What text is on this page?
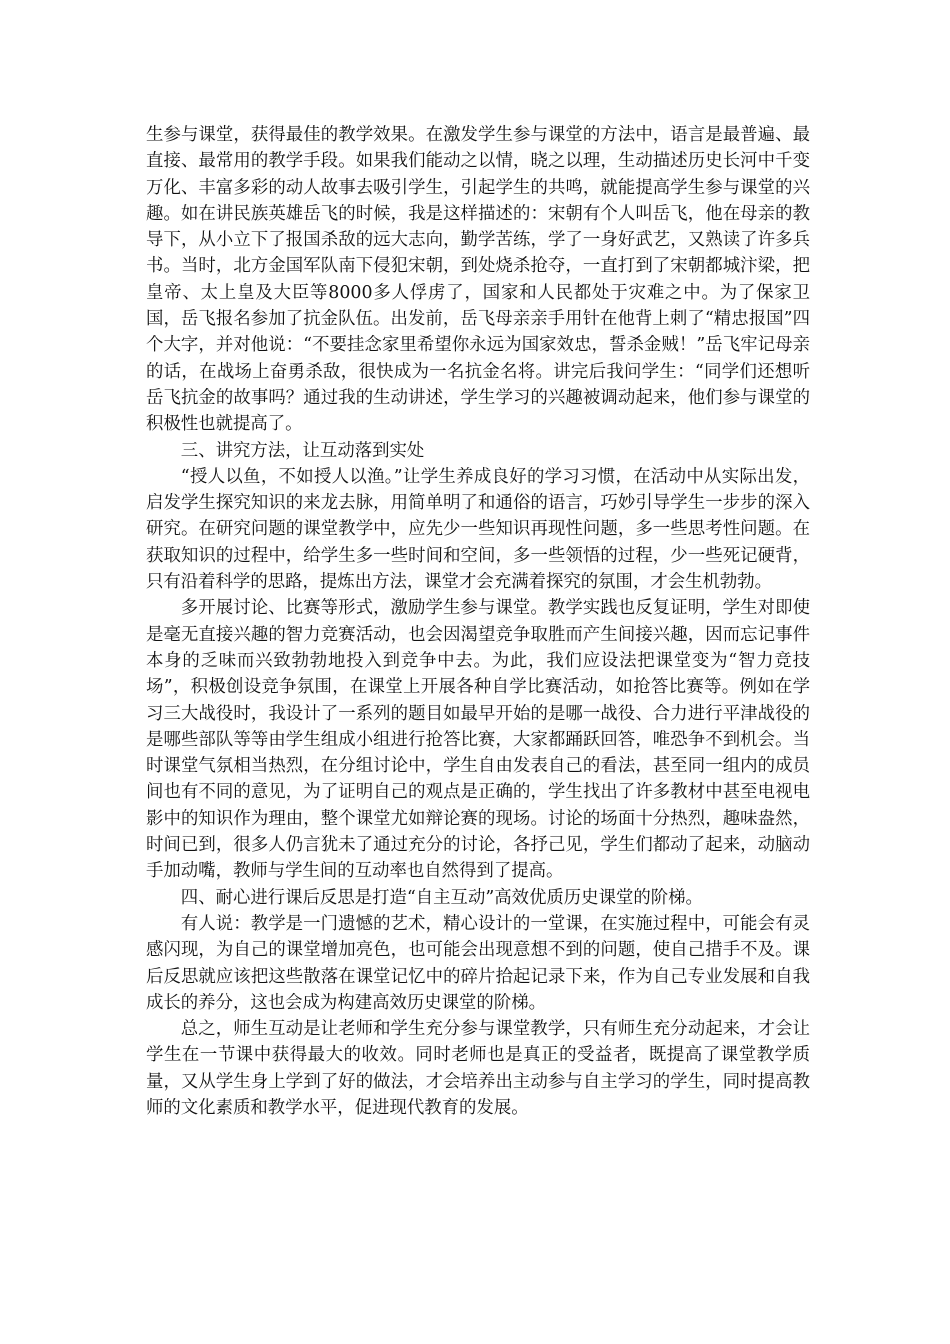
生参与课堂，获得最佳的教学效果。在激发学生参与课堂的方法中，语言是最普遍、最直接、最常用的教学手段。如果我们能动之以情，晓之以理，生动描述历史长河中千变万化、丰富多彩的动人故事去吸引学生，引起学生的共鸣，就能提高学生参与课堂的兴趣。如在讲民族英雄岳飞的时候，我是这样描述的：宋朝有个人叫岳飞，他在母亲的教导下，从小立下了报国杀敌的远大志向，勤学苦练，学了一身好武艺，又熟读了许多兵书。当时，北方金国军队南下侵犯宋朝，到处烧杀抢夺，一直打到了宋朝都城汴梁，把皇帝、太上皇及大臣等8000多人俘虏了，国家和人民都处于灾难之中。为了保家卫国，岳飞报名参加了抗金队伍。出发前，岳飞母亲亲手用针在他背上刺了“精忠报国”四个大字，并对他说：“不要挂念家里希望你永远为国家效忠，誓杀金贼！”岳飞牢记母亲的话，在战场上奋勇杀敌，很快成为一名抗金名将。讲完后我问学生：“同学们还想听岳飞抗金的故事吗？通过我的生动讲述，学生学习的兴趣被调动起来，他们参与课堂的积极性也就提高了。

三、讲究方法，让互动落到实处

“授人以鱼，不如授人以渔。”让学生养成良好的学习习惯，在活动中从实际出发，启发学生探究知识的来龙去脉，用简单明了和通俗的语言，巧妙引导学生一步步的深入研究。在研究问题的课堂教学中，应先少一些知识再现性问题，多一些思考性问题。在获取知识的过程中，给学生多一些时间和空间，多一些领悟的过程，少一些死记硬背，只有沿着科学的思路，提炼出方法，课堂才会充满着探究的氛围，才会生机勃勃。

多开展讨论、比赛等形式，激励学生参与课堂。教学实践也反复证明，学生对即使是毫无直接兴趣的智力竞赛活动，也会因渴望竞争取胜而产生间接兴趣，因而忘记事件本身的乏味而兴致勃勃地投入到竞争中去。为此，我们应设法把课堂变为“智力竞技场”，积极创设竞争氛围，在课堂上开展各种自学比赛活动，如抢答比赛等。例如在学习三大战役时，我设计了一系列的题目如最早开始的是哪一战役、合力进行平津战役的是哪些部队等等由学生组成小组进行抢答比赛，大家都踊跃回答，唯恐争不到机会。当时课堂气氛相当热烈，在分组讨论中，学生自由发表自己的看法，甚至同一组内的成员间也有不同的意见，为了证明自己的观点是正确的，学生找出了许多教材中甚至电视电影中的知识作为理由，整个课堂尤如辩论赛的现场。讨论的场面十分热烈，趣味盎然，时间已到，很多人仍言犹未了通过充分的讨论，各抒己见，学生们都动了起来，动脑动手加动嘴，教师与学生间的互动率也自然得到了提高。

四、耐心进行课后反思是打造“自主互动”高效优质历史课堂的阶梯。

有人说：教学是一门遗憾的艺术，精心设计的一堂课，在实施过程中，可能会有灵感闪现，为自己的课堂增加亮色，也可能会出现意想不到的问题，使自己措手不及。课后反思就应该把这些散落在课堂记忆中的碎片拾起记录下来，作为自己专业发展和自我成长的养分，这也会成为构建高效历史课堂的阶梯。

总之，师生互动是让老师和学生充分参与课堂教学，只有师生充分动起来，才会让学生在一节课中获得最大的收效。同时老师也是真正的受益者，既提高了课堂教学质量，又从学生身上学到了好的做法，才会培养出主动参与自主学习的学生，同时提高教师的文化素质和教学水平，促进现代教育的发展。
